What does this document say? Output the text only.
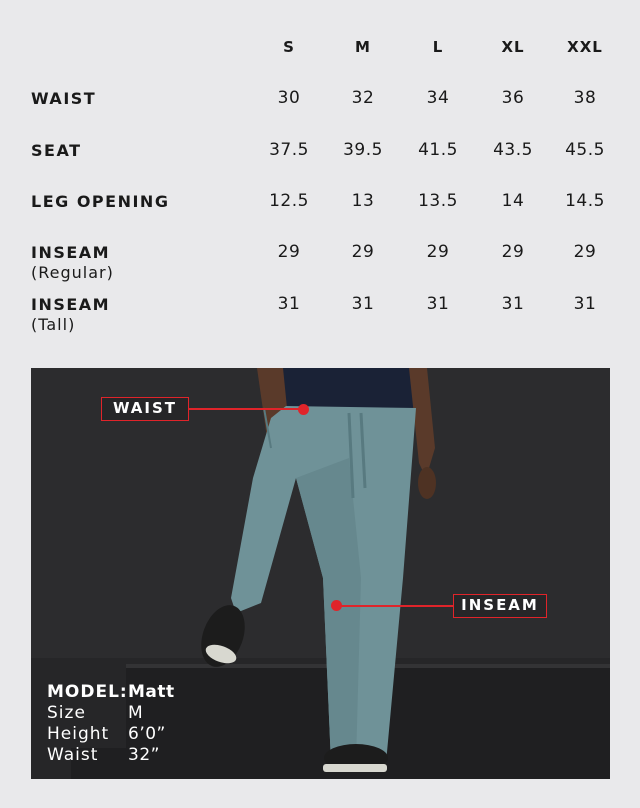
S	M	L	XL	XXL
WAIST	30	32	34	36	38
SEAT	37.5	39.5	41.5	43.5	45.5
LEG OPENING	12.5	13	13.5	14	14.5
INSEAM
(Regular)
29	29	29	29	29
INSEAM
(Tall)
31	31	31	31	31
WAIST
INSEAM
MODEL: Matt
Size	M
Height	6’0”
Waist	32”
